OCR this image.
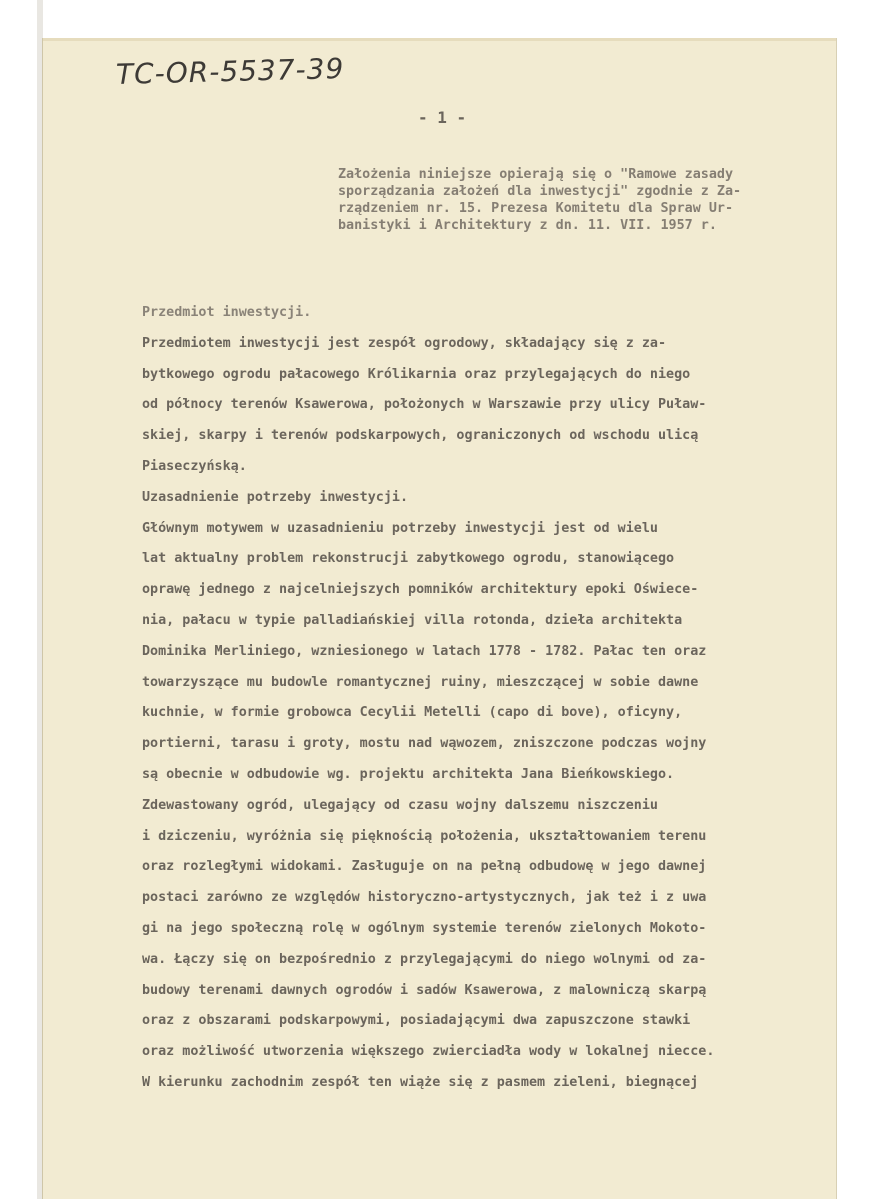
TC-OR-5537-39
- 1 -
Założenia niniejsze opierają się o "Ramowe zasady
sporządzania założeń dla inwestycji" zgodnie z Za-
rządzeniem nr. 15. Prezesa Komitetu dla Spraw Ur-
banistyki i Architektury z dn. 11. VII. 1957 r.
Przedmiot inwestycji.
Przedmiotem inwestycji jest zespół ogrodowy, składający się z za-
bytkowego ogrodu pałacowego Królikarnia oraz przylegających do niego
od północy terenów Ksawerowa, położonych w Warszawie przy ulicy Puław-
skiej, skarpy i terenów podskarpowych, ograniczonych od wschodu ulicą
Piaseczyńską.
Uzasadnienie potrzeby inwestycji.
Głównym motywem w uzasadnieniu potrzeby inwestycji jest od wielu
lat aktualny problem rekonstrucji zabytkowego ogrodu, stanowiącego
oprawę jednego z najcelniejszych pomników architektury epoki Oświece-
nia, pałacu w typie palladiańskiej villa rotonda, dzieła architekta
Dominika Merliniego, wzniesionego w latach 1778 - 1782. Pałac ten oraz
towarzyszące mu budowle romantycznej ruiny, mieszczącej w sobie dawne
kuchnie, w formie grobowca Cecylii Metelli (capo di bove), oficyny,
portierni, tarasu i groty, mostu nad wąwozem, zniszczone podczas wojny
są obecnie w odbudowie wg. projektu architekta Jana Bieńkowskiego.
Zdewastowany ogród, ulegający od czasu wojny dalszemu niszczeniu
i dziczeniu, wyróżnia się pięknością położenia, ukształtowaniem terenu
oraz rozległymi widokami. Zasługuje on na pełną odbudowę w jego dawnej
postaci zarówno ze względów historyczno-artystycznych, jak też i z uwa
gi na jego społeczną rolę w ogólnym systemie terenów zielonych Mokoto-
wa. Łączy się on bezpośrednio z przylegającymi do niego wolnymi od za-
budowy terenami dawnych ogrodów i sadów Ksawerowa, z malowniczą skarpą
oraz z obszarami podskarpowymi, posiadającymi dwa zapuszczone stawki
oraz możliwość utworzenia większego zwierciadła wody w lokalnej niecce.
W kierunku zachodnim zespół ten wiąże się z pasmem zieleni, biegnącej
